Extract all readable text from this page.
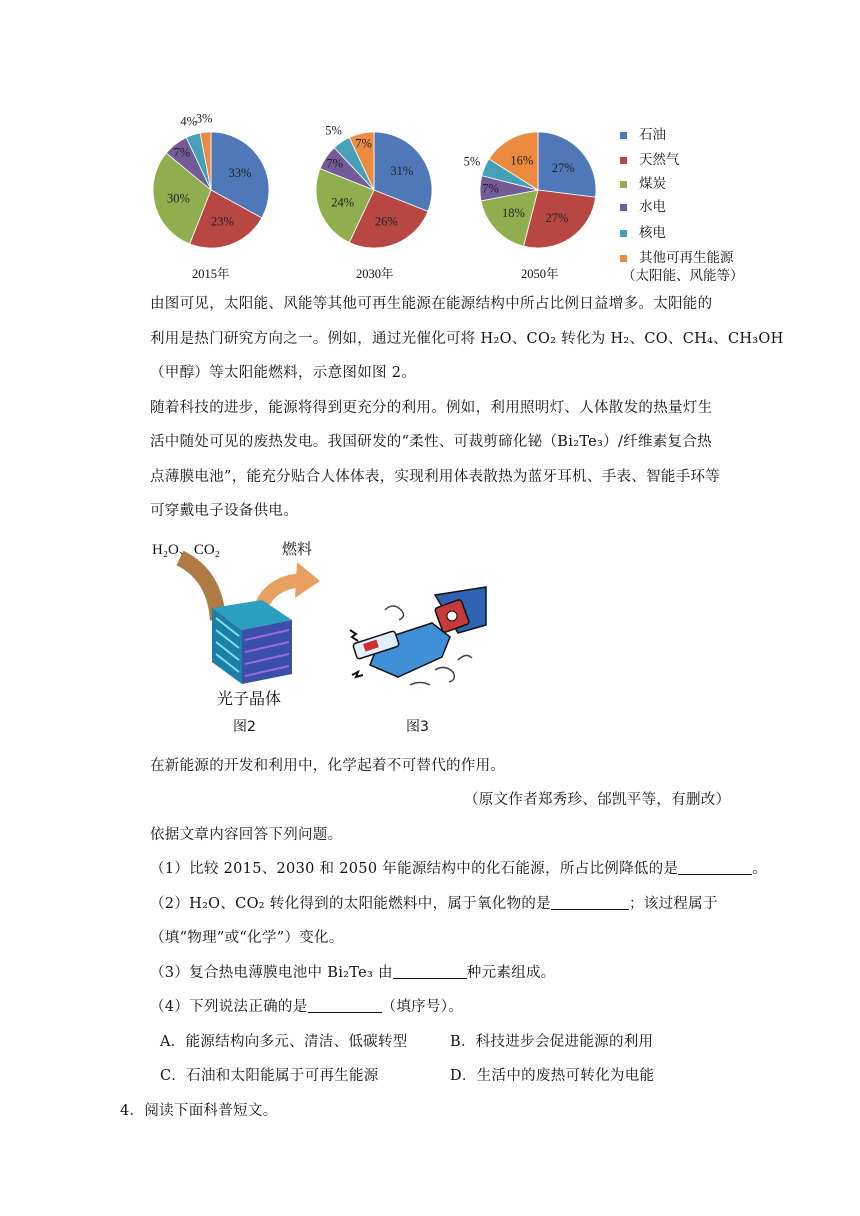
33%
23%
30%
7%
4%
3%
31%
26%
24%
7%
5%
7%
27%
27%
18%
7%
5% 16%
2015年	2030年	2050年
石油
天然气
煤炭
水电
核电
其他可再生能源
（太阳能、风能等）
由图可见，太阳能、风能等其他可再生能源在能源结构中所占比例日益增多。太阳能的
利用是热门研究方向之一。例如，通过光催化可将 H₂O、CO₂ 转化为 H₂、CO、CH₄、CH₃OH
（甲醇）等太阳能燃料，示意图如图 2。
随着科技的进步，能源将得到更充分的利用。例如，利用照明灯、人体散发的热量灯生
活中随处可见的废热发电。我国研发的“柔性、可裁剪碲化铋（Bi₂Te₃）/纤维素复合热
点薄膜电池”，能充分贴合人体体表，实现利用体表散热为蓝牙耳机、手表、智能手环等
可穿戴电子设备供电。
H₂O、CO₂	燃料
光子晶体
图2	图3
在新能源的开发和利用中，化学起着不可替代的作用。
（原文作者郑秀珍、邰凯平等，有删改）
依据文章内容回答下列问题。
（1）比较 2015、2030 和 2050 年能源结构中的化石能源，所占比例降低的是	。
（2）H₂O、CO₂ 转化得到的太阳能燃料中，属于氧化物的是	；该过程属于
（填“物理”或“化学”）变化。
（3）复合热电薄膜电池中 Bi₂Te₃ 由	种元素组成。
（4）下列说法正确的是	（填序号）。
A．能源结构向多元、清洁、低碳转型	B．科技进步会促进能源的利用
C．石油和太阳能属于可再生能源	D．生活中的废热可转化为电能
4．阅读下面科普短文。
